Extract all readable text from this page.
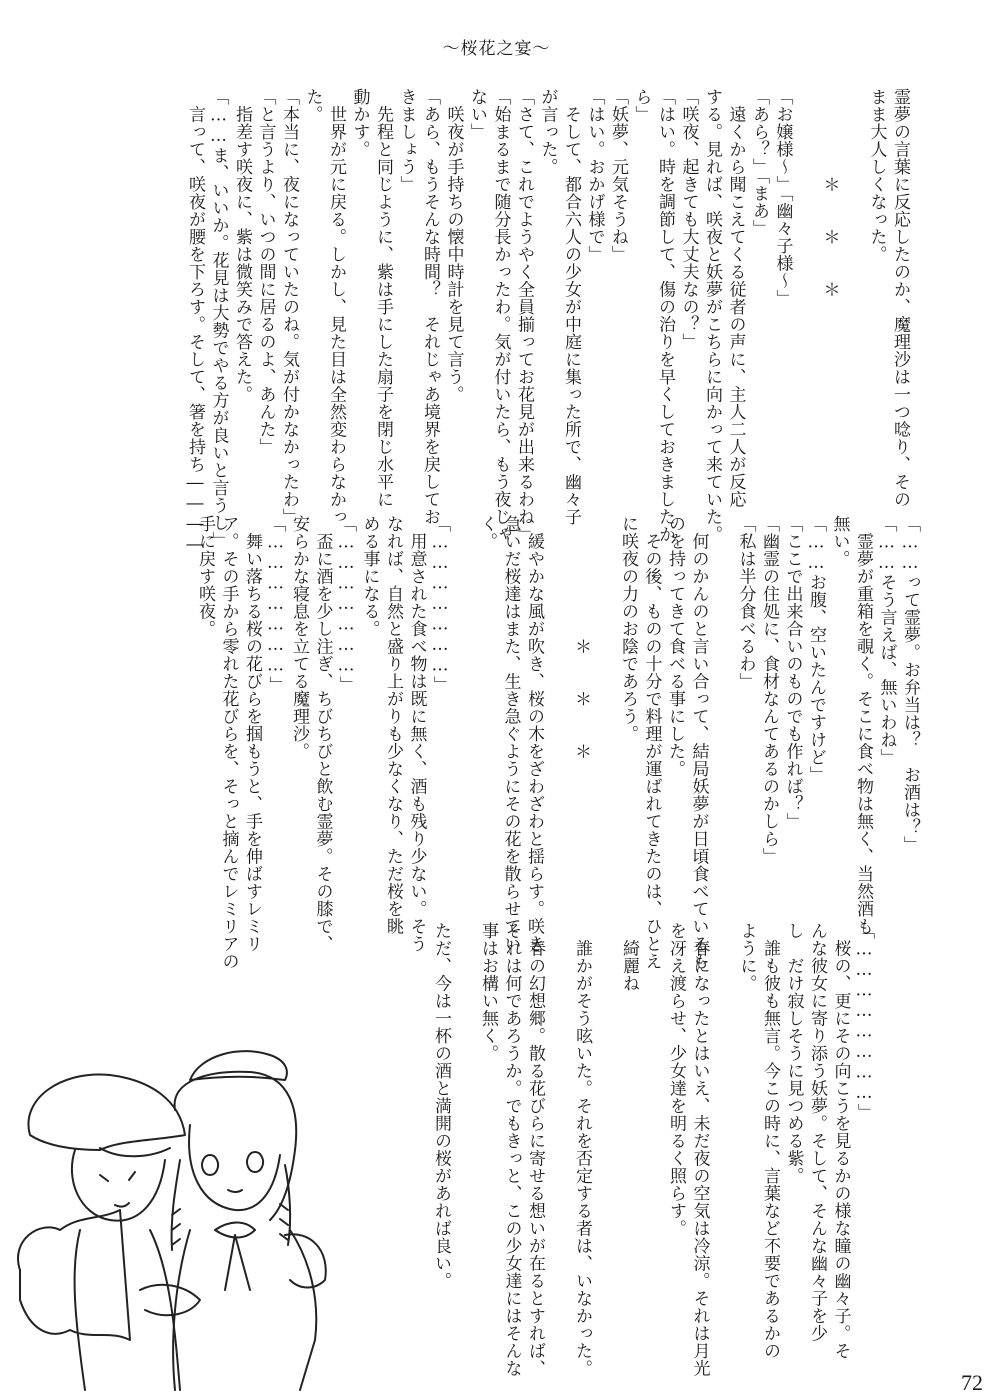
〜桜花之宴〜
霊夢の言葉に反応したのか、魔理沙は一つ唸り、その
まま大人しくなった。

　　　　　＊　　＊　　＊

「お嬢様〜」「幽々子様〜」
「あら？」「まあ」
　遠くから聞こえてくる従者の声に、主人二人が反応
する。見れば、咲夜と妖夢がこちらに向かって来ていた。
「咲夜、起きても大丈夫なの？」
「はい。時を調節して、傷の治りを早くしておきましたか
ら」
「妖夢、元気そうね」
「はい。おかげ様で」
　そして、都合六人の少女が中庭に集った所で、幽々子
が言った。
「さて、これでようやく全員揃ってお花見が出来るわね」
「始まるまで随分長かったわ。気が付いたら、もう夜じゃ
ない」
　咲夜が手持ちの懐中時計を見て言う。
「あら、もうそんな時間？　それじゃあ境界を戻してお
きましょう」
　先程と同じように、紫は手にした扇子を閉じ水平に
動かす。
　世界が元に戻る。しかし、見た目は全然変わらなかっ
た。
「本当に、夜になっていたのね。気が付かなかったわ」
「と言うより、いつの間に居るのよ、あんた」
　指差す咲夜に、紫は微笑みで答えた。
「……ま、いいか。花見は大勢でやる方が良いと言うし」
　言って、咲夜が腰を下ろす。そして、箸を持ち――――
「……って霊夢。お弁当は？　お酒は？」
「……そう言えば、無いわね」
　霊夢が重箱を覗く。そこに食べ物は無く、当然酒も
無い。
「……お腹、空いたんですけど」
「ここで出来合いのものでも作れば？」
「幽霊の住処に、食材なんてあるのかしら」
「私は半分食べるわ」

　何のかんのと言い合って、結局妖夢が日頃食べているも
のを持ってきて食べる事にした。
　その後、ものの十分で料理が運ばれてきたのは、ひとえ
に咲夜の力のお陰であろう。

　　　　　　　＊　　＊　　＊

　緩やかな風が吹き、桜の木をざわざわと揺らす。咲き
急いだ桜達はまた、生き急ぐようにその花を散らせてい
く。

「…………………」
　用意された食べ物は既に無く、酒も残り少ない。そう
なれば、自然と盛り上がりも少なくなり、ただ桜を眺
める事になる。
「…………………」
　盃に酒を少し注ぎ、ちびちびと飲む霊夢。その膝で、
安らかな寝息を立てる魔理沙。
「…………………」
　舞い落ちる桜の花びらを掴もうと、手を伸ばすレミリ
ア。その手から零れた花びらを、そっと摘んでレミリアの
手に戻す咲夜。
「……………………」
　桜の、更にその向こうを見るかの様な瞳の幽々子。そ
んな彼女に寄り添う妖夢。そして、そんな幽々子を少
し　だけ寂しそうに見つめる紫。
　誰も彼も無言。今この時に、言葉など不要であるかの
ように。

　春になったとはいえ、未だ夜の空気は冷涼。それは月光
を冴え渡らせ、少女達を明るく照らす。

　綺麗ね

　誰かがそう呟いた。それを否定する者は、いなかった。

　春の幻想郷。散る花びらに寄せる想いが在るとすれば、
それは何であろうか。でもきっと、この少女達にはそんな
事はお構い無く。

ただ、今は一杯の酒と満開の桜があれば良い。
72
